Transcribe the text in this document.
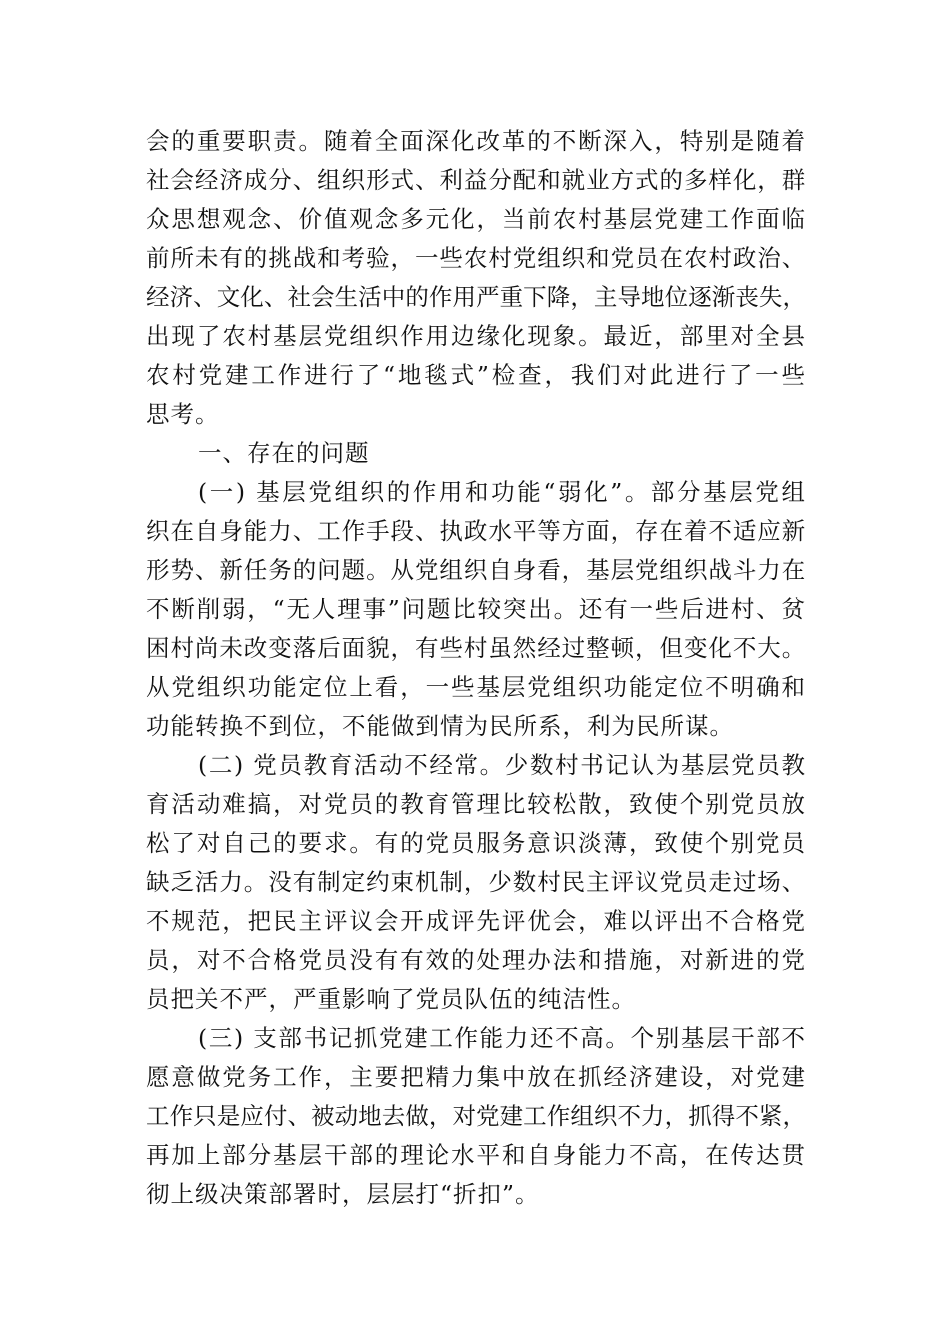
会的重要职责。随着全面深化改革的不断深入，特别是随着
社会经济成分、组织形式、利益分配和就业方式的多样化，群
众思想观念、价值观念多元化，当前农村基层党建工作面临
前所未有的挑战和考验，一些农村党组织和党员在农村政治、
经济、文化、社会生活中的作用严重下降，主导地位逐渐丧失，
出现了农村基层党组织作用边缘化现象。最近，部里对全县
农村党建工作进行了“地毯式”检查，我们对此进行了一些
思考。
一、存在的问题
(一) 基层党组织的作用和功能“弱化”。部分基层党组
织在自身能力、工作手段、执政水平等方面，存在着不适应新
形势、新任务的问题。从党组织自身看，基层党组织战斗力在
不断削弱，“无人理事”问题比较突出。还有一些后进村、贫
困村尚未改变落后面貌，有些村虽然经过整顿，但变化不大。
从党组织功能定位上看，一些基层党组织功能定位不明确和
功能转换不到位，不能做到情为民所系，利为民所谋。
(二) 党员教育活动不经常。少数村书记认为基层党员教
育活动难搞，对党员的教育管理比较松散，致使个别党员放
松了对自己的要求。有的党员服务意识淡薄，致使个别党员
缺乏活力。没有制定约束机制，少数村民主评议党员走过场、
不规范，把民主评议会开成评先评优会，难以评出不合格党
员，对不合格党员没有有效的处理办法和措施，对新进的党
员把关不严，严重影响了党员队伍的纯洁性。
(三) 支部书记抓党建工作能力还不高。个别基层干部不
愿意做党务工作，主要把精力集中放在抓经济建设，对党建
工作只是应付、被动地去做，对党建工作组织不力，抓得不紧，
再加上部分基层干部的理论水平和自身能力不高，在传达贯
彻上级决策部署时，层层打“折扣”。
